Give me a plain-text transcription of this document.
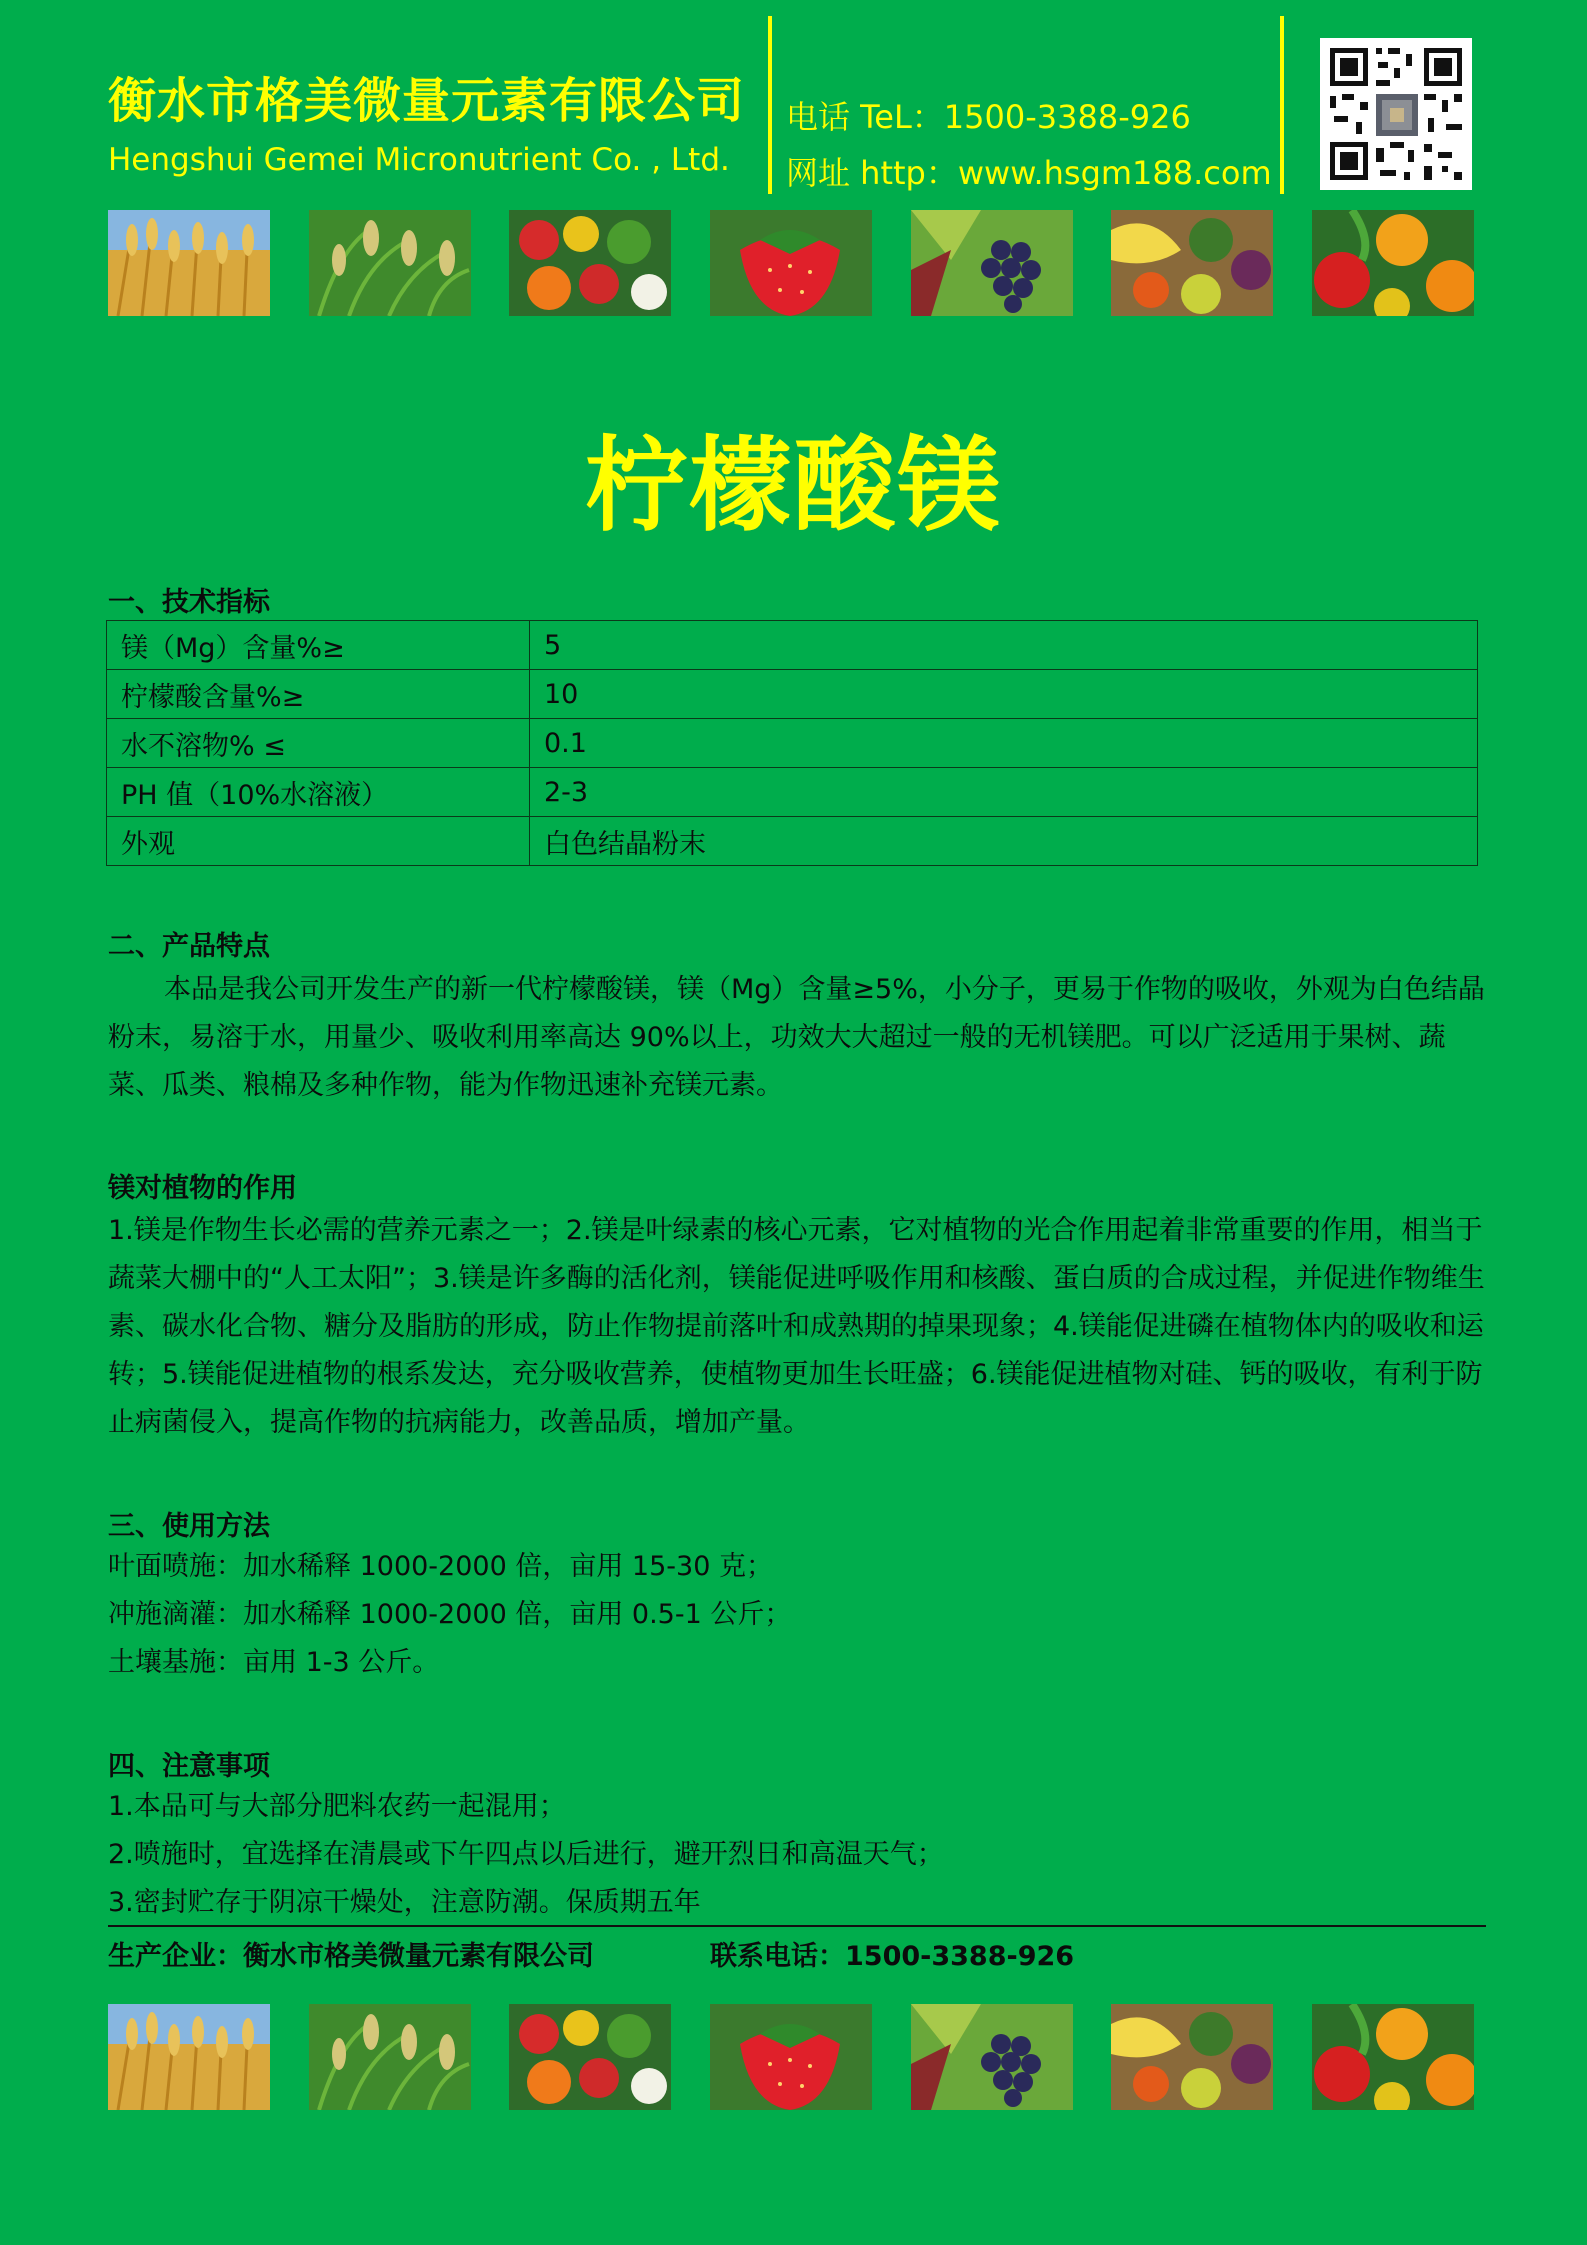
衡水市格美微量元素有限公司
Hengshui Gemei Micronutrient Co. , Ltd.
电话 TeL：1500-3388-926
网址 http：www.hsgm188.com
柠檬酸镁
一、技术指标
镁（Mg）含量%≥	5
柠檬酸含量%≥	10
水不溶物% ≤	0.1
PH 值（10%水溶液）	2-3
外观	白色结晶粉末
二、产品特点
本品是我公司开发生产的新一代柠檬酸镁，镁（Mg）含量≥5%，小分子，更易于作物的吸收，外观为白色结晶粉末，易溶于水，用量少、吸收利用率高达 90%以上，功效大大超过一般的无机镁肥。可以广泛适用于果树、蔬菜、瓜类、粮棉及多种作物，能为作物迅速补充镁元素。
镁对植物的作用
1.镁是作物生长必需的营养元素之一；2.镁是叶绿素的核心元素，它对植物的光合作用起着非常重要的作用，相当于蔬菜大棚中的“人工太阳”；3.镁是许多酶的活化剂，镁能促进呼吸作用和核酸、蛋白质的合成过程，并促进作物维生素、碳水化合物、糖分及脂肪的形成，防止作物提前落叶和成熟期的掉果现象；4.镁能促进磷在植物体内的吸收和运转；5.镁能促进植物的根系发达，充分吸收营养，使植物更加生长旺盛；6.镁能促进植物对硅、钙的吸收，有利于防止病菌侵入，提高作物的抗病能力，改善品质，增加产量。
三、使用方法
叶面喷施：加水稀释 1000-2000 倍，亩用 15-30 克；
冲施滴灌：加水稀释 1000-2000 倍，亩用 0.5-1 公斤；
土壤基施：亩用 1-3 公斤。
四、注意事项
1.本品可与大部分肥料农药一起混用；
2.喷施时，宜选择在清晨或下午四点以后进行，避开烈日和高温天气；
3.密封贮存于阴凉干燥处，注意防潮。保质期五年
生产企业：衡水市格美微量元素有限公司	联系电话：1500-3388-926
